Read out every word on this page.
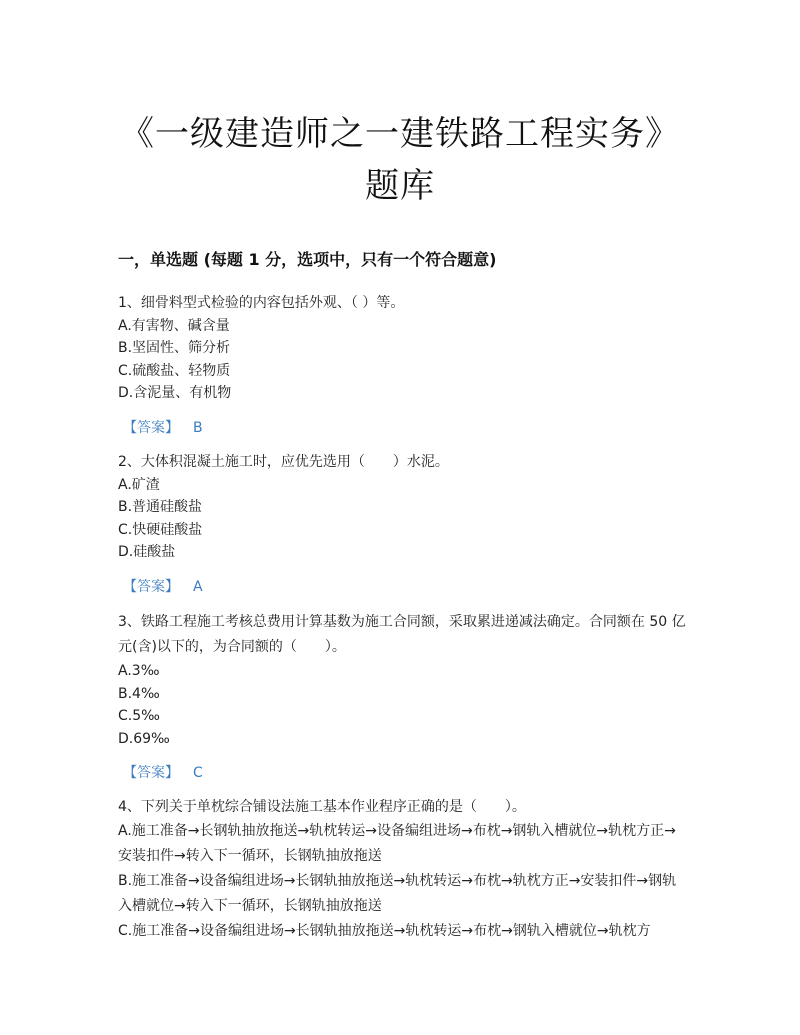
《一级建造师之一建铁路工程实务》
题库
一，单选题 (每题 1 分，选项中，只有一个符合题意)

1、细骨料型式检验的内容包括外观、（ ）等。

A.有害物、碱含量

B.坚固性、筛分析

C.硫酸盐、轻物质

D.含泥量、有机物

【答案】 B

2、大体积混凝土施工时，应优先选用（　　）水泥。

A.矿渣

B.普通硅酸盐

C.快硬硅酸盐

D.硅酸盐

【答案】 A

3、铁路工程施工考核总费用计算基数为施工合同额，采取累进递减法确定。合同额在 50 亿元(含)以下的，为合同额的（　　）。

A.3‰

B.4‰

C.5‰

D.69‰

【答案】 C

4、下列关于单枕综合铺设法施工基本作业程序正确的是（　　）。

A.施工准备→长钢轨抽放拖送→轨枕转运→设备编组进场→布枕→钢轨入槽就位→轨枕方正→安装扣件→转入下一循环，长钢轨抽放拖送

B.施工准备→设备编组进场→长钢轨抽放拖送→轨枕转运→布枕→轨枕方正→安装扣件→钢轨入槽就位→转入下一循环，长钢轨抽放拖送

C.施工准备→设备编组进场→长钢轨抽放拖送→轨枕转运→布枕→钢轨入槽就位→轨枕方
